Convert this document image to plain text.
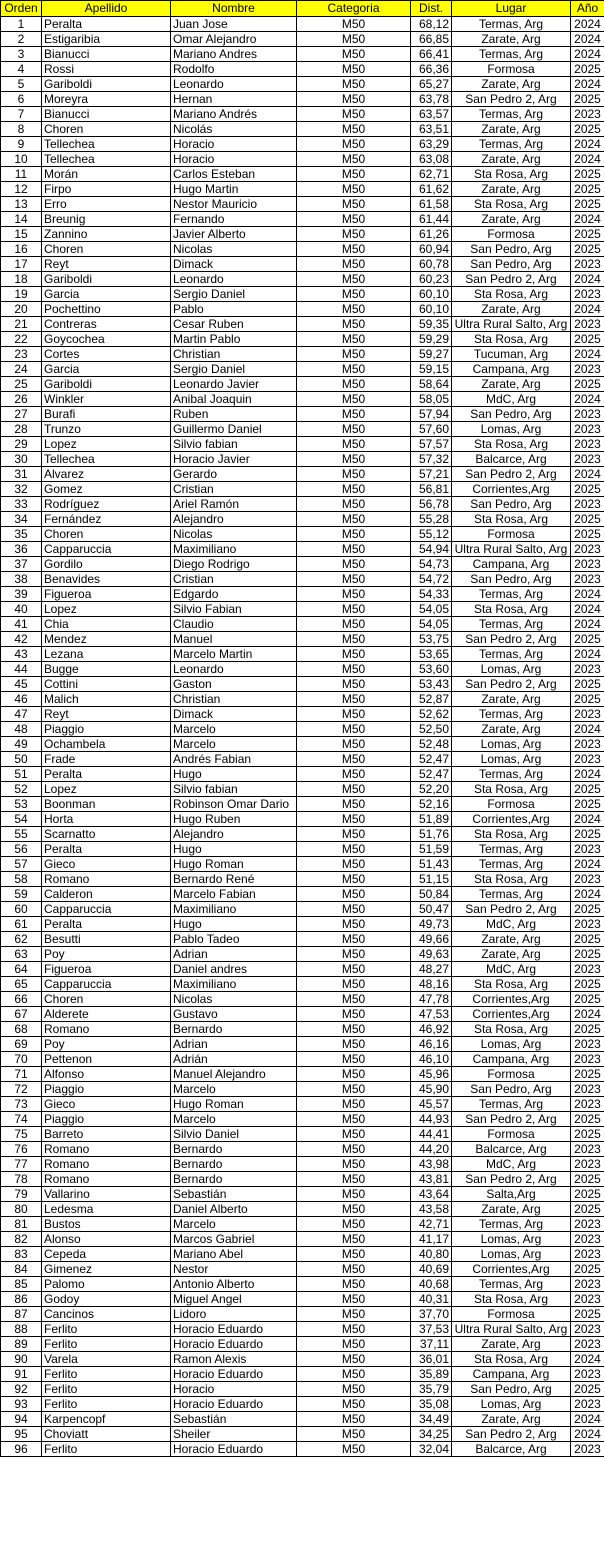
Orden	Apellido	Nombre	Categoria	Dist.	Lugar	Año
1	Peralta	Juan Jose	M50	68,12	Termas, Arg	2024
2	Estigaribia	Omar Alejandro	M50	66,85	Zarate, Arg	2024
3	Bianucci	Mariano Andres	M50	66,41	Termas, Arg	2024
4	Rossi	Rodolfo	M50	66,36	Formosa	2025
5	Gariboldi	Leonardo	M50	65,27	Zarate, Arg	2024
6	Moreyra	Hernan	M50	63,78	San Pedro 2, Arg	2025
7	Bianucci	Mariano Andrés	M50	63,57	Termas, Arg	2023
8	Choren	Nicolás	M50	63,51	Zarate, Arg	2025
9	Tellechea	Horacio	M50	63,29	Termas, Arg	2024
10	Tellechea	Horacio	M50	63,08	Zarate, Arg	2024
11	Morán	Carlos Esteban	M50	62,71	Sta Rosa, Arg	2025
12	Firpo	Hugo Martin	M50	61,62	Zarate, Arg	2025
13	Erro	Nestor Mauricio	M50	61,58	Sta Rosa, Arg	2025
14	Breunig	Fernando	M50	61,44	Zarate, Arg	2024
15	Zannino	Javier Alberto	M50	61,26	Formosa	2025
16	Choren	Nicolas	M50	60,94	San Pedro, Arg	2025
17	Reyt	Dimack	M50	60,78	San Pedro, Arg	2023
18	Gariboldi	Leonardo	M50	60,23	San Pedro 2, Arg	2024
19	Garcia	Sergio Daniel	M50	60,10	Sta Rosa, Arg	2023
20	Pochettino	Pablo	M50	60,10	Zarate, Arg	2024
21	Contreras	Cesar Ruben	M50	59,35	Ultra Rural Salto, Arg	2023
22	Goycochea	Martin Pablo	M50	59,29	Sta Rosa, Arg	2025
23	Cortes	Christian	M50	59,27	Tucuman, Arg	2024
24	Garcia	Sergio Daniel	M50	59,15	Campana, Arg	2023
25	Gariboldi	Leonardo Javier	M50	58,64	Zarate, Arg	2025
26	Winkler	Anibal Joaquin	M50	58,05	MdC, Arg	2024
27	Burafi	Ruben	M50	57,94	San Pedro, Arg	2023
28	Trunzo	Guillermo Daniel	M50	57,60	Lomas, Arg	2023
29	Lopez	Silvio fabian	M50	57,57	Sta Rosa, Arg	2023
30	Tellechea	Horacio Javier	M50	57,32	Balcarce, Arg	2023
31	Alvarez	Gerardo	M50	57,21	San Pedro 2, Arg	2024
32	Gomez	Cristian	M50	56,81	Corrientes,Arg	2025
33	Rodríguez	Ariel Ramón	M50	56,78	San Pedro, Arg	2023
34	Fernández	Alejandro	M50	55,28	Sta Rosa, Arg	2025
35	Choren	Nicolas	M50	55,12	Formosa	2025
36	Capparuccia	Maximiliano	M50	54,94	Ultra Rural Salto, Arg	2023
37	Gordilo	Diego Rodrigo	M50	54,73	Campana, Arg	2023
38	Benavides	Cristian	M50	54,72	San Pedro, Arg	2023
39	Figueroa	Edgardo	M50	54,33	Termas, Arg	2024
40	Lopez	Silvio Fabian	M50	54,05	Sta Rosa, Arg	2024
41	Chia	Claudio	M50	54,05	Termas, Arg	2024
42	Mendez	Manuel	M50	53,75	San Pedro 2, Arg	2025
43	Lezana	Marcelo Martin	M50	53,65	Termas, Arg	2024
44	Bugge	Leonardo	M50	53,60	Lomas, Arg	2023
45	Cottini	Gaston	M50	53,43	San Pedro 2, Arg	2025
46	Malich	Christian	M50	52,87	Zarate, Arg	2025
47	Reyt	Dimack	M50	52,62	Termas, Arg	2023
48	Piaggio	Marcelo	M50	52,50	Zarate, Arg	2024
49	Ochambela	Marcelo	M50	52,48	Lomas, Arg	2023
50	Frade	Andrés Fabian	M50	52,47	Lomas, Arg	2023
51	Peralta	Hugo	M50	52,47	Termas, Arg	2024
52	Lopez	Silvio fabian	M50	52,20	Sta Rosa, Arg	2025
53	Boonman	Robinson Omar Dario	M50	52,16	Formosa	2025
54	Horta	Hugo Ruben	M50	51,89	Corrientes,Arg	2024
55	Scarnatto	Alejandro	M50	51,76	Sta Rosa, Arg	2025
56	Peralta	Hugo	M50	51,59	Termas, Arg	2023
57	Gieco	Hugo Roman	M50	51,43	Termas, Arg	2024
58	Romano	Bernardo René	M50	51,15	Sta Rosa, Arg	2023
59	Calderon	Marcelo Fabian	M50	50,84	Termas, Arg	2024
60	Capparuccia	Maximiliano	M50	50,47	San Pedro 2, Arg	2025
61	Peralta	Hugo	M50	49,73	MdC, Arg	2023
62	Besutti	Pablo Tadeo	M50	49,66	Zarate, Arg	2025
63	Poy	Adrian	M50	49,63	Zarate, Arg	2025
64	Figueroa	Daniel andres	M50	48,27	MdC, Arg	2023
65	Capparuccia	Maximiliano	M50	48,16	Sta Rosa, Arg	2025
66	Choren	Nicolas	M50	47,78	Corrientes,Arg	2025
67	Alderete	Gustavo	M50	47,53	Corrientes,Arg	2024
68	Romano	Bernardo	M50	46,92	Sta Rosa, Arg	2025
69	Poy	Adrian	M50	46,16	Lomas, Arg	2023
70	Pettenon	Adrián	M50	46,10	Campana, Arg	2023
71	Alfonso	Manuel Alejandro	M50	45,96	Formosa	2025
72	Piaggio	Marcelo	M50	45,90	San Pedro, Arg	2023
73	Gieco	Hugo Roman	M50	45,57	Termas, Arg	2023
74	Piaggio	Marcelo	M50	44,93	San Pedro 2, Arg	2025
75	Barreto	Silvio Daniel	M50	44,41	Formosa	2025
76	Romano	Bernardo	M50	44,20	Balcarce, Arg	2023
77	Romano	Bernardo	M50	43,98	MdC, Arg	2023
78	Romano	Bernardo	M50	43,81	San Pedro 2, Arg	2025
79	Vallarino	Sebastián	M50	43,64	Salta,Arg	2025
80	Ledesma	Daniel Alberto	M50	43,58	Zarate, Arg	2025
81	Bustos	Marcelo	M50	42,71	Termas, Arg	2023
82	Alonso	Marcos Gabriel	M50	41,17	Lomas, Arg	2023
83	Cepeda	Mariano Abel	M50	40,80	Lomas, Arg	2023
84	Gimenez	Nestor	M50	40,69	Corrientes,Arg	2025
85	Palomo	Antonio Alberto	M50	40,68	Termas, Arg	2023
86	Godoy	Miguel Angel	M50	40,31	Sta Rosa, Arg	2023
87	Cancinos	Lidoro	M50	37,70	Formosa	2025
88	Ferlito	Horacio Eduardo	M50	37,53	Ultra Rural Salto, Arg	2023
89	Ferlito	Horacio Eduardo	M50	37,11	Zarate, Arg	2023
90	Varela	Ramon Alexis	M50	36,01	Sta Rosa, Arg	2024
91	Ferlito	Horacio Eduardo	M50	35,89	Campana, Arg	2023
92	Ferlito	Horacio	M50	35,79	San Pedro, Arg	2025
93	Ferlito	Horacio Eduardo	M50	35,08	Lomas, Arg	2023
94	Karpencopf	Sebastián	M50	34,49	Zarate, Arg	2024
95	Choviatt	Sheiler	M50	34,25	San Pedro 2, Arg	2024
96	Ferlito	Horacio Eduardo	M50	32,04	Balcarce, Arg	2023
